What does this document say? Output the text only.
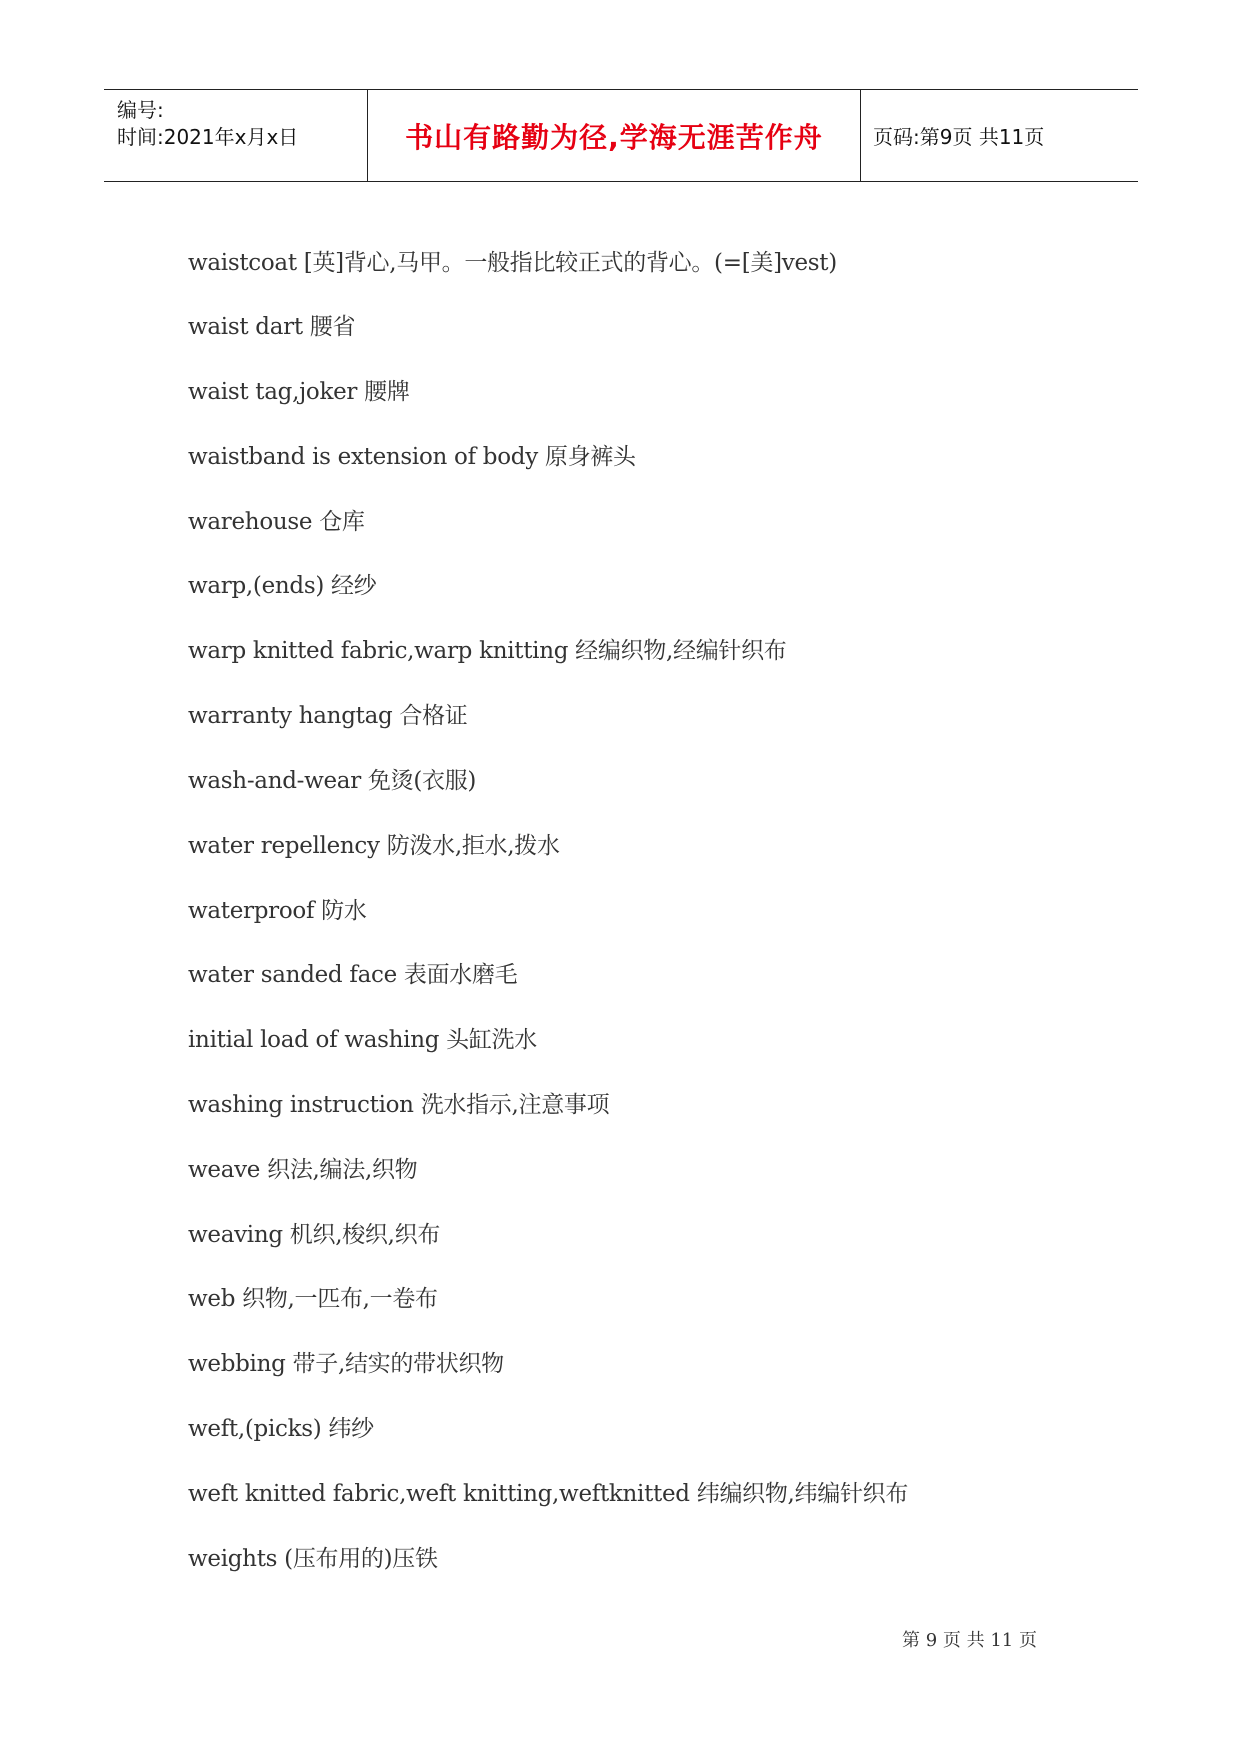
编号:
时间:2021年x月x日	书山有路勤为径,学海无涯苦作舟	页码:第9页 共11页
waistcoat [英]背心,马甲。一般指比较正式的背心。(=[美]vest)
waist dart 腰省
waist tag,joker 腰牌
waistband is extension of body 原身裤头
warehouse 仓库
warp,(ends) 经纱
warp knitted fabric,warp knitting 经编织物,经编针织布
warranty hangtag 合格证
wash-and-wear 免烫(衣服)
water repellency 防泼水,拒水,拨水
waterproof 防水
water sanded face 表面水磨毛
initial load of washing 头缸洗水
washing instruction 洗水指示,注意事项
weave 织法,编法,织物
weaving 机织,梭织,织布
web 织物,一匹布,一卷布
webbing 带子,结实的带状织物
weft,(picks) 纬纱
weft knitted fabric,weft knitting,weftknitted 纬编织物,纬编针织布
weights (压布用的)压铁
第 9 页 共 11 页
